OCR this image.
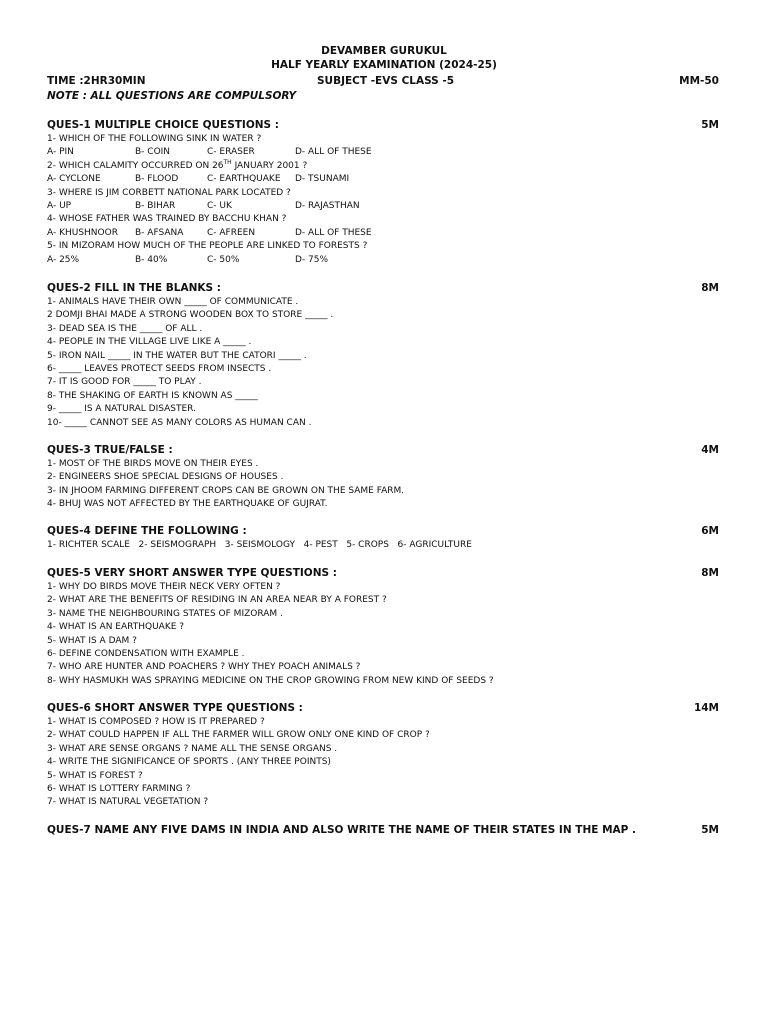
DEVAMBER GURUKUL
HALF YEARLY EXAMINATION (2024-25)
TIME :2HR30MIN	SUBJECT -EVS CLASS -5	MM-50
NOTE : ALL QUESTIONS ARE COMPULSORY
QUES-1 MULTIPLE CHOICE QUESTIONS :	5M
1- WHICH OF THE FOLLOWING SINK IN WATER ?
A- PIN	B- COIN	C- ERASER	D- ALL OF THESE
2- WHICH CALAMITY OCCURRED ON 26TH JANUARY 2001 ?
A- CYCLONE	B- FLOOD	C- EARTHQUAKE D- TSUNAMI
3- WHERE IS JIM CORBETT NATIONAL PARK LOCATED ?
A- UP	B- BIHAR	C- UK	D- RAJASTHAN
4- WHOSE FATHER WAS TRAINED BY BACCHU KHAN ?
A- KHUSHNOOR B- AFSANA	C- AFREEN	D- ALL OF THESE
5- IN MIZORAM HOW MUCH OF THE PEOPLE ARE LINKED TO FORESTS ?
A- 25%	B- 40%	C- 50%	D- 75%
QUES-2 FILL IN THE BLANKS :	8M
1- ANIMALS HAVE THEIR OWN _____ OF COMMUNICATE .
2 DOMJI BHAI MADE A STRONG WOODEN BOX TO STORE _____ .
3- DEAD SEA IS THE _____ OF ALL .
4- PEOPLE IN THE VILLAGE LIVE LIKE A _____ .
5- IRON NAIL _____ IN THE WATER BUT THE CATORI _____ .
6- _____ LEAVES PROTECT SEEDS FROM INSECTS .
7- IT IS GOOD FOR _____ TO PLAY .
8- THE SHAKING OF EARTH IS KNOWN AS _____
9- _____ IS A NATURAL DISASTER.
10- _____ CANNOT SEE AS MANY COLORS AS HUMAN CAN .
QUES-3 TRUE/FALSE :	4M
1- MOST OF THE BIRDS MOVE ON THEIR EYES .
2- ENGINEERS SHOE SPECIAL DESIGNS OF HOUSES .
3- IN JHOOM FARMING DIFFERENT CROPS CAN BE GROWN ON THE SAME FARM.
4- BHUJ WAS NOT AFFECTED BY THE EARTHQUAKE OF GUJRAT.
QUES-4 DEFINE THE FOLLOWING :	6M
1- RICHTER SCALE   2- SEISMOGRAPH   3- SEISMOLOGY   4- PEST   5- CROPS   6- AGRICULTURE
QUES-5 VERY SHORT ANSWER TYPE QUESTIONS :	8M
1- WHY DO BIRDS MOVE THEIR NECK VERY OFTEN ?
2- WHAT ARE THE BENEFITS OF RESIDING IN AN AREA NEAR BY A FOREST ?
3- NAME THE NEIGHBOURING STATES OF MIZORAM .
4- WHAT IS AN EARTHQUAKE ?
5- WHAT IS A DAM ?
6- DEFINE CONDENSATION WITH EXAMPLE .
7- WHO ARE HUNTER AND POACHERS ? WHY THEY POACH ANIMALS ?
8- WHY HASMUKH WAS SPRAYING MEDICINE ON THE CROP GROWING FROM NEW KIND OF SEEDS ?
QUES-6 SHORT ANSWER TYPE QUESTIONS :	14M
1- WHAT IS COMPOSED ? HOW IS IT PREPARED ?
2- WHAT COULD HAPPEN IF ALL THE FARMER WILL GROW ONLY ONE KIND OF CROP ?
3- WHAT ARE SENSE ORGANS ? NAME ALL THE SENSE ORGANS .
4- WRITE THE SIGNIFICANCE OF SPORTS . (ANY THREE POINTS)
5- WHAT IS FOREST ?
6- WHAT IS LOTTERY FARMING ?
7- WHAT IS NATURAL VEGETATION ?
QUES-7 NAME ANY FIVE DAMS IN INDIA AND ALSO WRITE THE NAME OF THEIR STATES IN THE MAP .	5M
